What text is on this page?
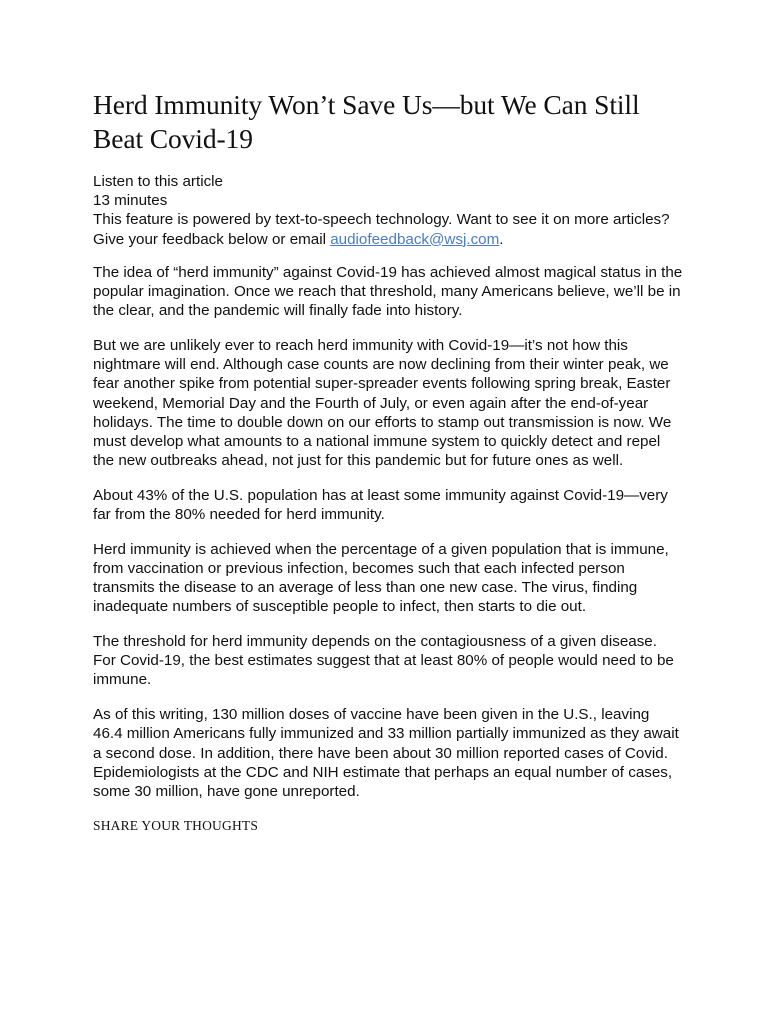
Herd Immunity Won’t Save Us—but We Can Still Beat Covid-19
Listen to this article
13 minutes
This feature is powered by text-to-speech technology. Want to see it on more articles?
Give your feedback below or email audiofeedback@wsj.com.

The idea of “herd immunity” against Covid-19 has achieved almost magical status in the popular imagination. Once we reach that threshold, many Americans believe, we’ll be in the clear, and the pandemic will finally fade into history.

But we are unlikely ever to reach herd immunity with Covid-19—it’s not how this nightmare will end. Although case counts are now declining from their winter peak, we fear another spike from potential super-spreader events following spring break, Easter weekend, Memorial Day and the Fourth of July, or even again after the end-of-year holidays. The time to double down on our efforts to stamp out transmission is now. We must develop what amounts to a national immune system to quickly detect and repel the new outbreaks ahead, not just for this pandemic but for future ones as well.

About 43% of the U.S. population has at least some immunity against Covid-19—very far from the 80% needed for herd immunity.

Herd immunity is achieved when the percentage of a given population that is immune, from vaccination or previous infection, becomes such that each infected person transmits the disease to an average of less than one new case. The virus, finding inadequate numbers of susceptible people to infect, then starts to die out.

The threshold for herd immunity depends on the contagiousness of a given disease. For Covid-19, the best estimates suggest that at least 80% of people would need to be immune.

As of this writing, 130 million doses of vaccine have been given in the U.S., leaving 46.4 million Americans fully immunized and 33 million partially immunized as they await a second dose. In addition, there have been about 30 million reported cases of Covid. Epidemiologists at the CDC and NIH estimate that perhaps an equal number of cases, some 30 million, have gone unreported.

SHARE YOUR THOUGHTS
